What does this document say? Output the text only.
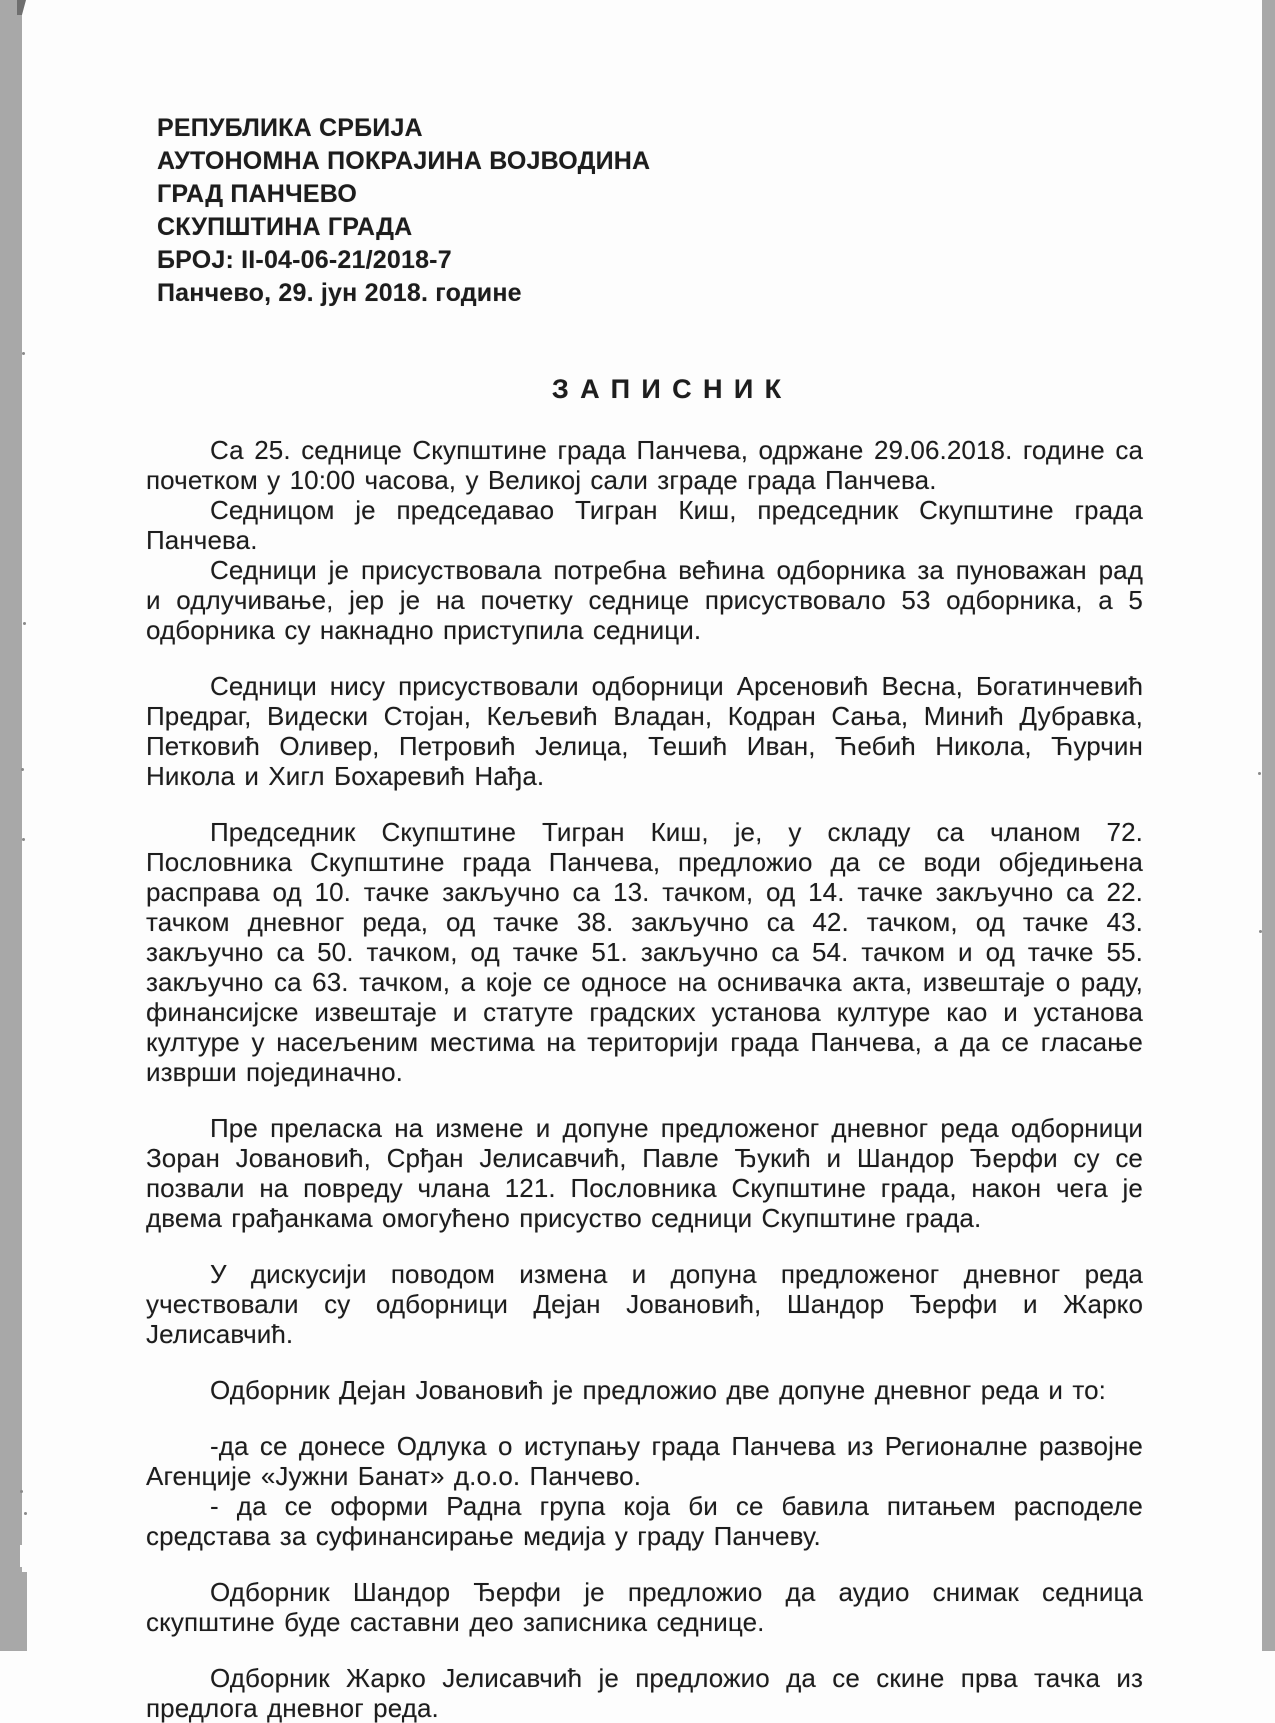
РЕПУБЛИКА СРБИЈА
АУТОНОМНА ПОКРАЈИНА ВОЈВОДИНА
ГРАД ПАНЧЕВО
СКУПШТИНА ГРАДА
БРОЈ: II-04-06-21/2018-7
Панчево, 29. јун 2018. године
ЗАПИСНИК

Са 25. седнице Скупштине града Панчева, одржане 29.06.2018. године са почетком у 10:00 часова, у Великој сали зграде града Панчева.

Седницом је председавао Тигран Киш, председник Скупштине града Панчева.

Седници је присуствовала потребна већина одборника за пуноважан рад и одлучивање, јер је на почетку седнице присуствовало 53 одборника, а 5 одборника су накнадно приступила седници.

Седници нису присуствовали одборници Арсеновић Весна, Богатинчевић Предраг, Видески Стојан, Кељевић Владан, Кодран Сања, Минић Дубравка, Петковић Оливер, Петровић Јелица, Тешић Иван, Ћебић Никола, Ћурчин Никола и Хигл Бохаревић Нађа.

Председник Скупштине Тигран Киш, је, у складу са чланом 72. Пословника Скупштине града Панчева, предложио да се води обједињена расправа од 10. тачке закључно са 13. тачком, од 14. тачке закључно са 22. тачком дневног реда, од тачке 38. закључно са 42. тачком, од тачке 43. закључно са 50. тачком, од тачке 51. закључно са 54. тачком и од тачке 55. закључно са 63. тачком, а које се односе на оснивачка акта, извештаје о раду, финансијске извештаје и статуте градских установа културе као и установа културе у насељеним местима на територији града Панчева, а да се гласање изврши појединачно.

Пре преласка на измене и допуне предложеног дневног реда одборници Зоран Јовановић, Срђан Јелисавчић, Павле Ђукић и Шандор Ђерфи су се позвали на повреду члана 121. Пословника Скупштине града, након чега је двема грађанкама омогућено присуство седници Скупштине града.

У дискусији поводом измена и допуна предложеног дневног реда учествовали су одборници Дејан Јовановић, Шандор Ђерфи и Жарко Јелисавчић.

Одборник Дејан Јовановић је предложио две допуне дневног реда и то:

-да се донесе Одлука о иступању града Панчева из Регионалне развојне Агенције «Јужни Банат» д.о.о. Панчево.

- да се оформи Радна група која би се бавила питањем расподеле средстава за суфинансирање медија у граду Панчеву.

Одборник Шандор Ђерфи је предложио да аудио снимак седница скупштине буде саставни део записника седнице.

Одборник Жарко Јелисавчић је предложио да се скине прва тачка из предлога дневног реда.
